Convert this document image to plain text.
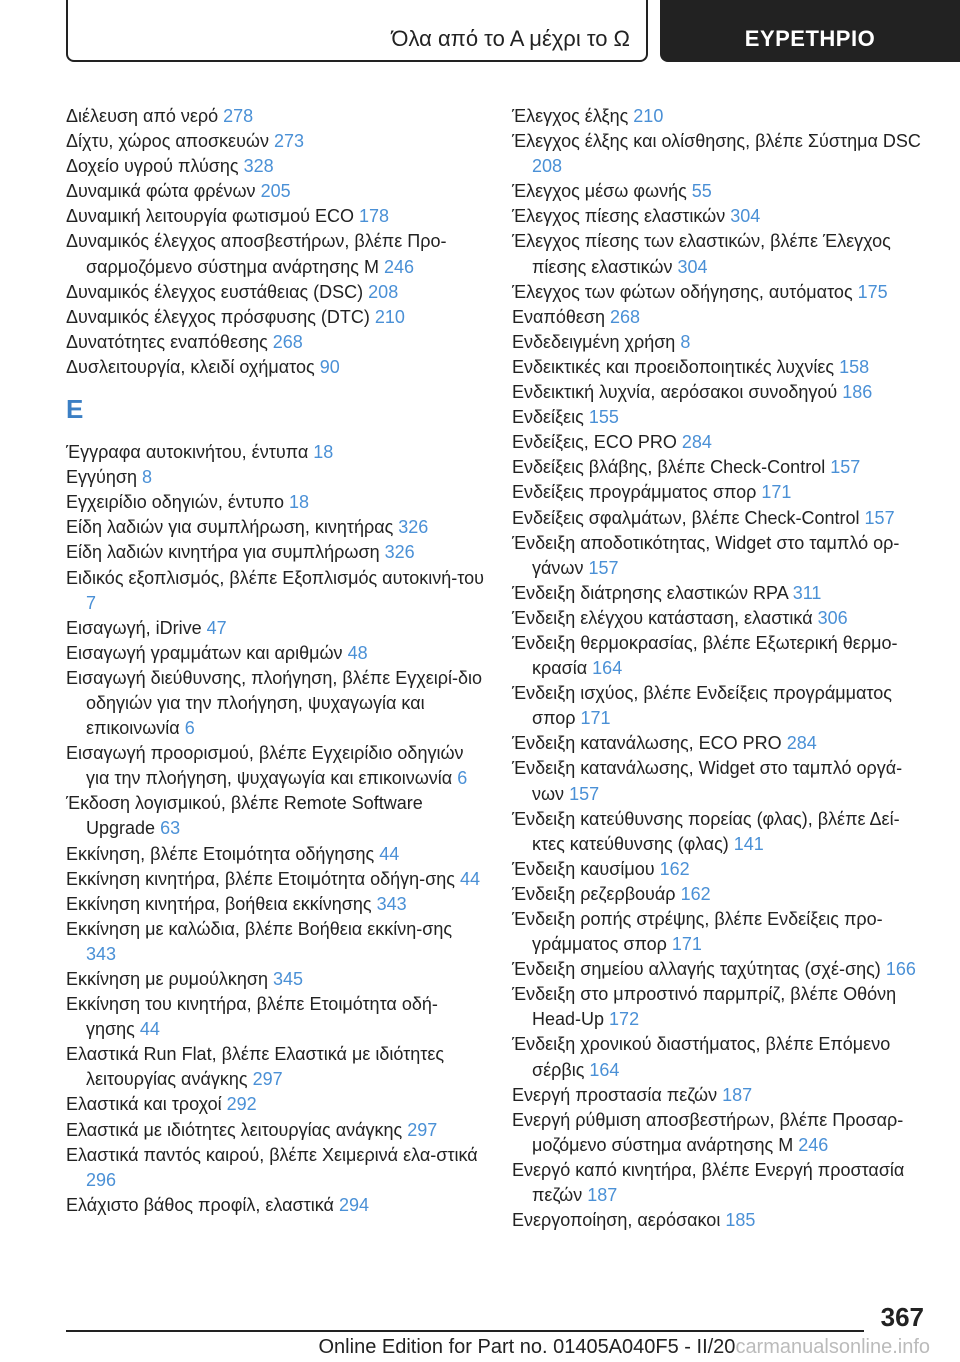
Όλα από το Α μέχρι το Ω	ΕΥΡΕΤΗΡΙΟ
Διέλευση από νερό 278
Δίχτυ, χώρος αποσκευών 273
Δοχείο υγρού πλύσης 328
Δυναμικά φώτα φρένων 205
Δυναμική λειτουργία φωτισμού ECO 178
Δυναμικός έλεγχος αποσβεστήρων, βλέπε Προ-σαρμοζόμενο σύστημα ανάρτησης M 246
Δυναμικός έλεγχος ευστάθειας (DSC) 208
Δυναμικός έλεγχος πρόσφυσης (DTC) 210
Δυνατότητες εναπόθεσης 268
Δυσλειτουργία, κλειδί οχήματος 90
Ε
Έγγραφα αυτοκινήτου, έντυπα 18
Εγγύηση 8
Εγχειρίδιο οδηγιών, έντυπο 18
Είδη λαδιών για συμπλήρωση, κινητήρας 326
Είδη λαδιών κινητήρα για συμπλήρωση 326
Ειδικός εξοπλισμός, βλέπε Εξοπλισμός αυτοκινή-του 7
Εισαγωγή, iDrive 47
Εισαγωγή γραμμάτων και αριθμών 48
Εισαγωγή διεύθυνσης, πλοήγηση, βλέπε Εγχειρί-διο οδηγιών για την πλοήγηση, ψυχαγωγία και επικοινωνία 6
Εισαγωγή προορισμού, βλέπε Εγχειρίδιο οδηγιών για την πλοήγηση, ψυχαγωγία και επικοινωνία 6
Έκδοση λογισμικού, βλέπε Remote Software Upgrade 63
Εκκίνηση, βλέπε Ετοιμότητα οδήγησης 44
Εκκίνηση κινητήρα, βλέπε Ετοιμότητα οδήγη-σης 44
Εκκίνηση κινητήρα, βοήθεια εκκίνησης 343
Εκκίνηση με καλώδια, βλέπε Βοήθεια εκκίνη-σης 343
Εκκίνηση με ρυμούλκηση 345
Εκκίνηση του κινητήρα, βλέπε Ετοιμότητα οδή-γησης 44
Ελαστικά Run Flat, βλέπε Ελαστικά με ιδιότητες λειτουργίας ανάγκης 297
Ελαστικά και τροχοί 292
Ελαστικά με ιδιότητες λειτουργίας ανάγκης 297
Ελαστικά παντός καιρού, βλέπε Χειμερινά ελα-στικά 296
Ελάχιστο βάθος προφίλ, ελαστικά 294
Έλεγχος έλξης 210
Έλεγχος έλξης και ολίσθησης, βλέπε Σύστημα DSC 208
Έλεγχος μέσω φωνής 55
Έλεγχος πίεσης ελαστικών 304
Έλεγχος πίεσης των ελαστικών, βλέπε Έλεγχος πίεσης ελαστικών 304
Έλεγχος των φώτων οδήγησης, αυτόματος 175
Εναπόθεση 268
Ενδεδειγμένη χρήση 8
Ενδεικτικές και προειδοποιητικές λυχνίες 158
Ενδεικτική λυχνία, αερόσακοι συνοδηγού 186
Ενδείξεις 155
Ενδείξεις, ECO PRO 284
Ενδείξεις βλάβης, βλέπε Check-Control 157
Ενδείξεις προγράμματος σπορ 171
Ενδείξεις σφαλμάτων, βλέπε Check-Control 157
Ένδειξη αποδοτικότητας, Widget στο ταμπλό ορ-γάνων 157
Ένδειξη διάτρησης ελαστικών RPA 311
Ένδειξη ελέγχου κατάσταση, ελαστικά 306
Ένδειξη θερμοκρασίας, βλέπε Εξωτερική θερμο-κρασία 164
Ένδειξη ισχύος, βλέπε Ενδείξεις προγράμματος σπορ 171
Ένδειξη κατανάλωσης, ECO PRO 284
Ένδειξη κατανάλωσης, Widget στο ταμπλό οργά-νων 157
Ένδειξη κατεύθυνσης πορείας (φλας), βλέπε Δεί-κτες κατεύθυνσης (φλας) 141
Ένδειξη καυσίμου 162
Ένδειξη ρεζερβουάρ 162
Ένδειξη ροπής στρέψης, βλέπε Ενδείξεις προ-γράμματος σπορ 171
Ένδειξη σημείου αλλαγής ταχύτητας (σχέ-σης) 166
Ένδειξη στο μπροστινό παρμπρίζ, βλέπε Οθόνη Head-Up 172
Ένδειξη χρονικού διαστήματος, βλέπε Επόμενο σέρβις 164
Ενεργή προστασία πεζών 187
Ενεργή ρύθμιση αποσβεστήρων, βλέπε Προσαρ-μοζόμενο σύστημα ανάρτησης M 246
Ενεργό καπό κινητήρα, βλέπε Ενεργή προστασία πεζών 187
Ενεργοποίηση, αερόσακοι 185
367
Online Edition for Part no. 01405A040F5 - II/20carmanualsonline.info
